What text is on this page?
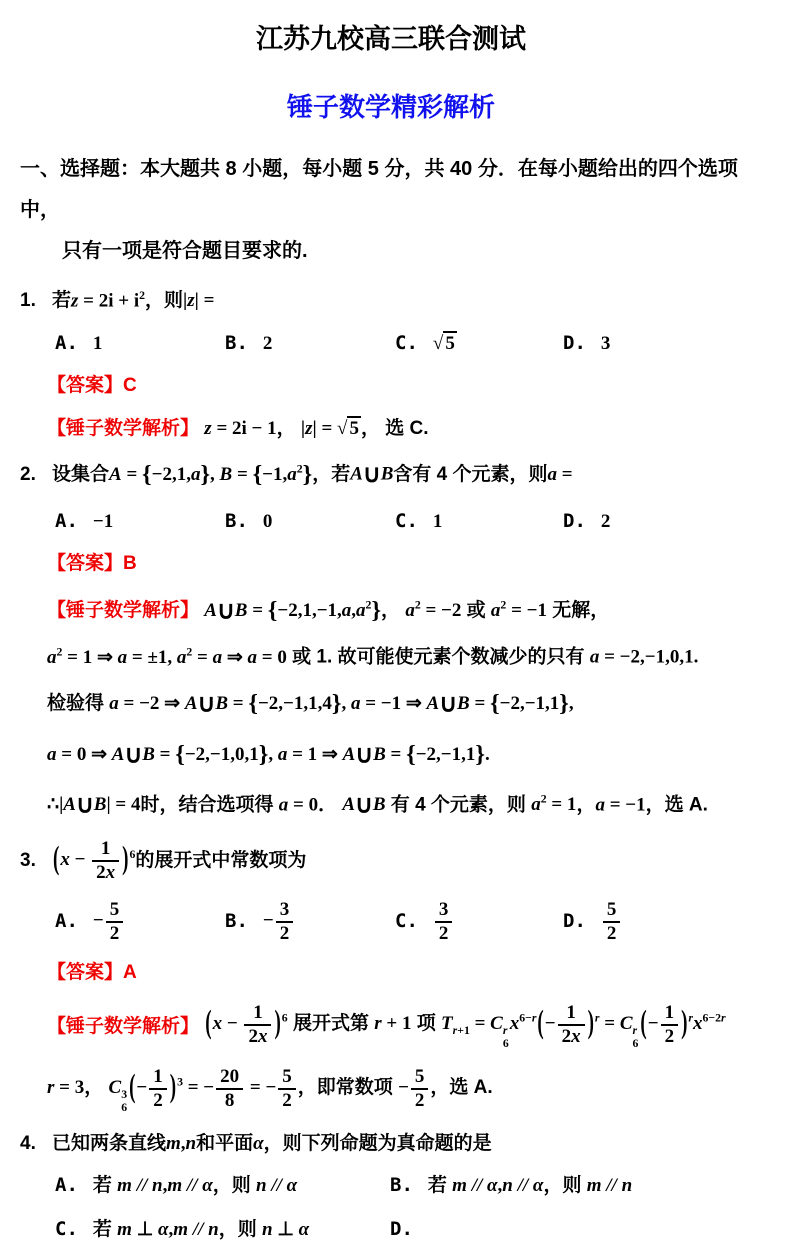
江苏九校高三联合测试
锤子数学精彩解析
一、选择题：本大题共 8 小题，每小题 5 分，共 40 分．在每小题给出的四个选项中，
只有一项是符合题目要求的.
1. 若 $z = 2i + i^2$ ，则 |z| =
A. 1	B. 2	C. √ 5	D. 3
【答案】C
【锤子数学解析】
z = 2i − 1， |z| = √ 5 ， 选 C.
2. 设集合 A = {−2,1,a}, $B = \{-1,a^2\}$ ，若 A∪B 含有 4 个元素，则 a =
A. −1	B. 0	C. 1	D. 2
【答案】B
【锤子数学解析】
A∪B = $\{-2,1,-1,a,a^2\}$， $a^2 = -2$ 或 $a^2 = -1$ 无解，
$a^2 = 1$ ⇒ a = ±1, $a^2 = a$ ⇒ a = 0 或 1. 故可能使元素个数减少的只有 a = −2,−1,0,1.
检验得 a = −2 ⇒ A∪B = {−2,−1,1,4}, a = −1 ⇒ A∪B = {−2,−1,1},
a = 0 ⇒ A∪B = {−2,−1,0,1}, a = 1 ⇒ A∪B = {−2,−1,1}.
∴|A∪B| = 4时，结合选项得 a = 0． A∪B 有 4 个元素，则 $a^2 = 1$，a = −1，选 A.
3. $(x - \frac{1}{2x} )^6$ 的展开式中常数项为
A. − $\frac{5}{2}$	B. − $\frac{3}{2}$	C. $\frac{3}{2}$	D. $\frac{5}{2}$
【答案】A
【锤子数学解析】
$(x - \frac{1}{2x} )^6$ 展开式第 r + 1 项 $T_{r+1} = C$ r
6
$x^{6-r}(- \frac{1}{2x} )^r = C$ r
6
(− $\frac{1}{2} )^rx^{6-2r}$
r = 3， C 3
6
(− $\frac{1}{2} )^3$ = − $\frac{20}{8}$ = − $\frac{5}{2}$ ，即常数项 − $\frac{5}{2}$ ，选 A.
4. 已知两条直线 m,n 和平面 α ，则下列命题为真命题的是
A. 若 m // n,m // α，则 n // α	B. 若 m // α,n // α，则 m // n
C. 若 m ⊥ α,m // n，则 n ⊥ α	D.
